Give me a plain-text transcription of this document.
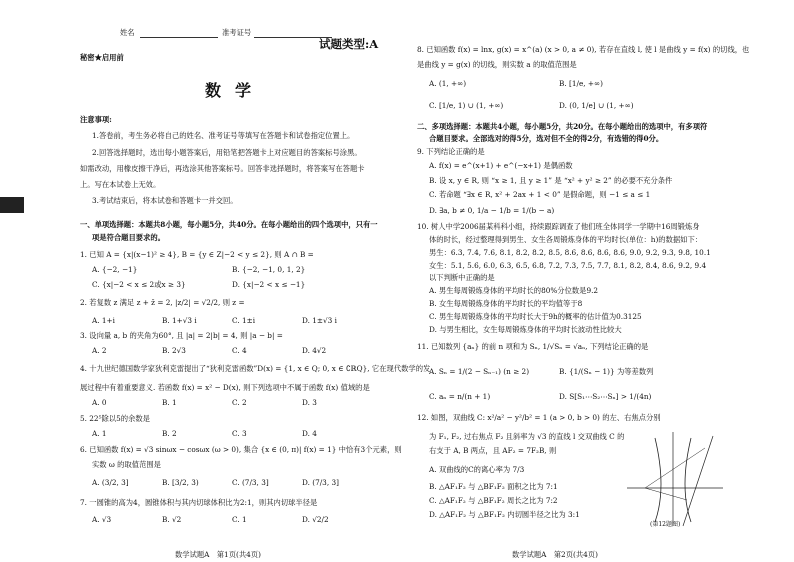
姓名	准考证号
试题类型:A
秘密★启用前
数学
注意事项:
1.答卷前，考生务必将自己的姓名、准考证号等填写在答题卡和试卷指定位置上。
2.回答选择题时，选出每小题答案后，用铅笔把答题卡上对应题目的答案标号涂黑。
如需改动，用橡皮擦干净后，再选涂其他答案标号。回答非选择题时，将答案写在答题卡
上。写在本试卷上无效。
3.考试结束后，将本试卷和答题卡一并交回。
一、单项选择题：本题共8小题，每小题5分，共40分。在每小题给出的四个选项中，只有一
项是符合题目要求的。
1. 已知 A = {x|(x−1)² ≥ 4}, B = {y ∈ Z|−2 < y ≤ 2}, 则 A ∩ B =
A. {−2, −1}	B. {−2, −1, 0, 1, 2}
C. {x|−2 < x ≤ 2或x ≥ 3}	D. {x|−2 < x ≤ −1}
2. 若复数 z 满足 z + z̄ = 2, |z/2| = √2/2, 则 z =
A. 1+i	B. 1+√3 i	C. 1±i	D. 1±√3 i
3. 设向量 a, b 的夹角为60°, 且 |a| = 2|b| = 4, 则 |a − b| =
A. 2	B. 2√3	C. 4	D. 4√2
4. 十九世纪德国数学家狄利克雷提出了“狄利克雷函数”D(x) = {1, x ∈ Q; 0, x ∈ ∁ℝQ}, 它在现代数学的发
展过程中有着重要意义. 若函数 f(x) = x² − D(x), 则下列选项中不属于函数 f(x) 值域的是
A. 0	B. 1	C. 2	D. 3
5. 22⁵除以5的余数是
A. 1	B. 2	C. 3	D. 4
6. 已知函数 f(x) = √3 sinωx − cosωx (ω > 0), 集合 {x ∈ (0, π)| f(x) = 1} 中恰有3个元素，则
实数 ω 的取值范围是
A. (3/2, 3]	B. [3/2, 3)	C. (7/3, 3]	D. (7/3, 3]
7. 一圆锥的高为4，圆锥体积与其内切球体积比为2:1，则其内切球半径是
A. √3	B. √2	C. 1	D. √2/2
数学试题A　第1页(共4页)
8. 已知函数 f(x) = lnx, g(x) = x^(a) (x > 0, a ≠ 0), 若存在直线 l, 使 l 是曲线 y = f(x) 的切线，也
是曲线 y = g(x) 的切线，则实数 a 的取值范围是
A. (1, +∞)	B. [1/e, +∞)
C. [1/e, 1) ∪ (1, +∞)	D. (0, 1/e] ∪ (1, +∞)
二、多项选择题：本题共4小题，每小题5分，共20分。在每小题给出的选项中，有多项符
合题目要求。全部选对的得5分，选对但不全的得2分，有选错的得0分。
9. 下列结论正确的是
A. f(x) = e^(x+1) + e^(−x+1) 是偶函数
B. 设 x, y ∈ R, 则 “x ≥ 1, 且 y ≥ 1” 是 “x² + y² ≥ 2” 的必要不充分条件
C. 若命题 “∃x ∈ R, x² + 2ax + 1 < 0” 是假命题，则 −1 ≤ a ≤ 1
D. ∃a, b ≠ 0, 1/a − 1/b = 1/(b − a)
10. 树人中学2006届某科科小组，持续跟踪调查了他们班全体同学一学期中16周锻炼身
体的时长，经过整理得到男生、女生各周锻炼身体的平均时长(单位：h)的数据如下：
男生：6.3, 7.4, 7.6, 8.1, 8.2, 8.2, 8.5, 8.6, 8.6, 8.6, 8.6, 9.0, 9.2, 9.3, 9.8, 10.1
女生：5.1, 5.6, 6.0, 6.3, 6.5, 6.8, 7.2, 7.3, 7.5, 7.7, 8.1, 8.2, 8.4, 8.6, 9.2, 9.4
以下判断中正确的是
A. 男生每周锻炼身体的平均时长的80%分位数是9.2
B. 女生每周锻炼身体的平均时长的平均值等于8
C. 男生每周锻炼身体的平均时长大于9h的概率的估计值为0.3125
D. 与男生相比，女生每周锻炼身体的平均时长波动性比较大
11. 已知数列 {aₙ} 的前 n 项和为 Sₙ, 1/√Sₙ = √aₙ, 下列结论正确的是
A. Sₙ = 1/(2 − Sₙ₋₁) (n ≥ 2)	B. {1/(Sₙ − 1)} 为等差数列
C. aₙ = n/(n + 1)	D. S[S₁⋯S₂⋯Sₙ] > 1/(4n)
12. 如图，双曲线 C: x²/a² − y²/b² = 1 (a > 0, b > 0) 的左、右焦点分别
为 F₁, F₂, 过右焦点 F₂ 且斜率为 √3 的直线 l 交双曲线 C 的
右支于 A, B 两点，且 AF₂ = 7F₂B, 则
A. 双曲线的C的离心率为 7/3
B. △AF₁F₂ 与 △BF₁F₂ 面积之比为 7:1
C. △AF₁F₂ 与 △BF₁F₂ 周长之比为 7:2
D. △AF₁F₂ 与 △BF₁F₂ 内切圆半径之比为 3:1
数学试题A　第2页(共4页)
(第12题图)
